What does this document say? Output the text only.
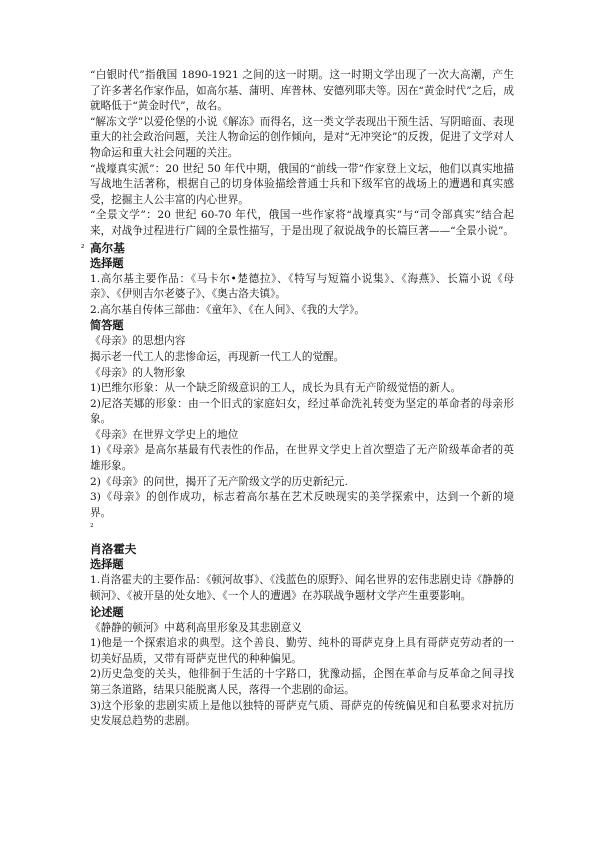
“白银时代”指俄国 1890-1921 之间的这一时期。这一时期文学出现了一次大高潮，产生了许多著名作家作品，如高尔基、蒲明、库普林、安德列耶夫等。因在“黄金时代”之后，成就略低于“黄金时代”，故名。

“解冻文学”以爱伦堡的小说《解冻》而得名，这一类文学表现出干预生活、写阴暗面、表现重大的社会政治问题，关注人物命运的创作倾向，是对“无冲突论”的反拨，促进了文学对人物命运和重大社会问题的关注。

“战壕真实派”：20 世纪 50 年代中期，俄国的“前线一带”作家登上文坛，他们以真实地描写战地生活著称，根据自己的切身体验描绘普通士兵和下级军官的战场上的遭遇和真实感受，挖掘主人公丰富的内心世界。

“全景文学”：20 世纪 60-70 年代，俄国一些作家将“战壕真实”与“司令部真实”结合起来，对战争过程进行广阔的全景性描写，于是出现了叙说战争的长篇巨著——“全景小说”。

2 高尔基
选择题

1.高尔基主要作品：《马卡尔•楚德拉》、《特写与短篇小说集》、《海燕》、长篇小说《母亲》、《伊则吉尔老婆子》、《奥古洛夫镇》。

2.高尔基自传体三部曲：《童年》、《在人间》、《我的大学》。

简答题

《母亲》的思想内容

揭示老一代工人的悲惨命运，再现新一代工人的觉醒。

《母亲》的人物形象

1)巴维尔形象：从一个缺乏阶级意识的工人，成长为具有无产阶级觉悟的新人。

2)尼洛芙娜的形象：由一个旧式的家庭妇女，经过革命洗礼转变为坚定的革命者的母亲形象。

《母亲》在世界文学史上的地位

1)《母亲》是高尔基最有代表性的作品，在世界文学史上首次塑造了无产阶级革命者的英雄形象。

2)《母亲》的问世，揭开了无产阶级文学的历史新纪元.

3)《母亲》的创作成功，标志着高尔基在艺术反映现实的美学探索中，达到一个新的境界。

2

肖洛霍夫
选择题

1.肖洛霍夫的主要作品：《顿河故事》、《浅蓝色的原野》、闻名世界的宏伟悲剧史诗《静静的顿河》、《被开垦的处女地》、《一个人的遭遇》在苏联战争题材文学产生重要影响。

论述题

《静静的顿河》中葛利高里形象及其悲剧意义

1)他是一个探索追求的典型。这个善良、勤劳、纯朴的哥萨克身上具有哥萨克劳动者的一切美好品质，又带有哥萨克世代的种种偏见。

2)历史急变的关头，他徘徊于生活的十字路口，犹豫动摇，企图在革命与反革命之间寻找第三条道路，结果只能脱离人民，落得一个悲剧的命运。

3)这个形象的悲剧实质上是他以独特的哥萨克气质、哥萨克的传统偏见和自私要求对抗历史发展总趋势的悲剧。
